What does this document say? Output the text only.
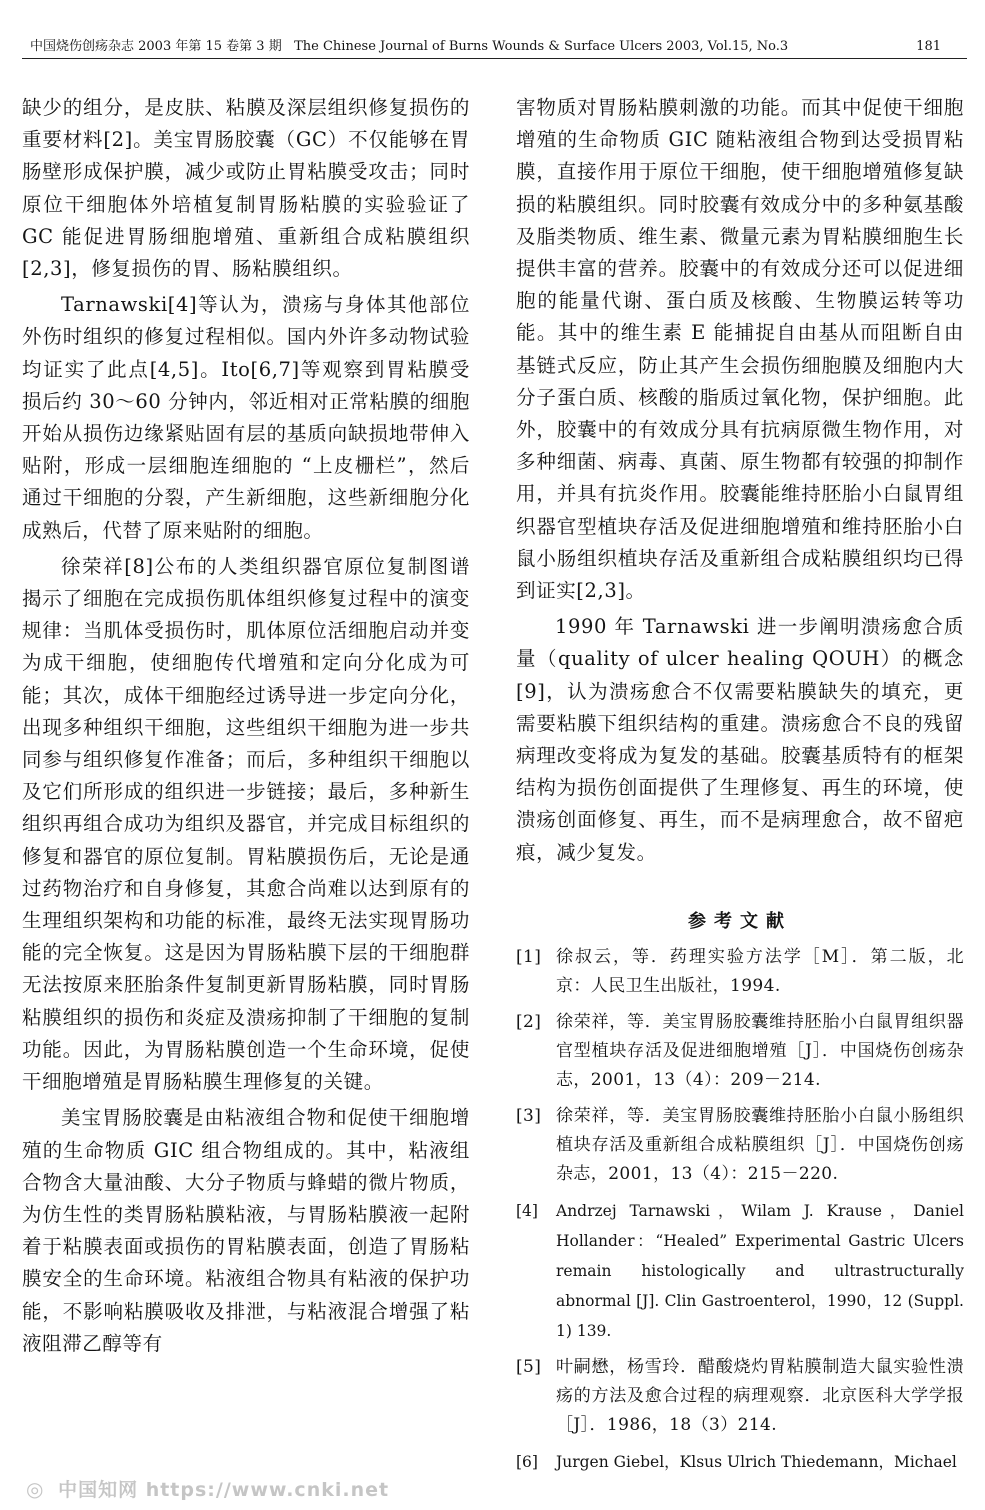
中国烧伤创疡杂志 2003 年第 15 卷第 3 期 The Chinese Journal of Burns Wounds & Surface Ulcers 2003, Vol.15, No.3	181

缺少的组分，是皮肤、粘膜及深层组织修复损伤的重要材料[2]。美宝胃肠胶囊（GC）不仅能够在胃肠壁形成保护膜，减少或防止胃粘膜受攻击；同时原位干细胞体外培植复制胃肠粘膜的实验验证了 GC 能促进胃肠细胞增殖、重新组合成粘膜组织[2,3]，修复损伤的胃、肠粘膜组织。

Tarnawski[4]等认为，溃疡与身体其他部位外伤时组织的修复过程相似。国内外许多动物试验均证实了此点[4,5]。Ito[6,7]等观察到胃粘膜受损后约 30～60 分钟内，邻近相对正常粘膜的细胞开始从损伤边缘紧贴固有层的基质向缺损地带伸入贴附，形成一层细胞连细胞的 “上皮栅栏”，然后通过干细胞的分裂，产生新细胞，这些新细胞分化成熟后，代替了原来贴附的细胞。

徐荣祥[8]公布的人类组织器官原位复制图谱揭示了细胞在完成损伤肌体组织修复过程中的演变规律：当肌体受损伤时，肌体原位活细胞启动并变为成干细胞，使细胞传代增殖和定向分化成为可能；其次，成体干细胞经过诱导进一步定向分化，出现多种组织干细胞，这些组织干细胞为进一步共同参与组织修复作准备；而后，多种组织干细胞以及它们所形成的组织进一步链接；最后，多种新生组织再组合成功为组织及器官，并完成目标组织的修复和器官的原位复制。胃粘膜损伤后，无论是通过药物治疗和自身修复，其愈合尚难以达到原有的生理组织架构和功能的标准，最终无法实现胃肠功能的完全恢复。这是因为胃肠粘膜下层的干细胞群无法按原来胚胎条件复制更新胃肠粘膜，同时胃肠粘膜组织的损伤和炎症及溃疡抑制了干细胞的复制功能。因此，为胃肠粘膜创造一个生命环境，促使干细胞增殖是胃肠粘膜生理修复的关键。

美宝胃肠胶囊是由粘液组合物和促使干细胞增殖的生命物质 GIC 组合物组成的。其中，粘液组合物含大量油酸、大分子物质与蜂蜡的微片物质，为仿生性的类胃肠粘膜粘液，与胃肠粘膜液一起附着于粘膜表面或损伤的胃粘膜表面，创造了胃肠粘膜安全的生命环境。粘液组合物具有粘液的保护功能，不影响粘膜吸收及排泄，与粘液混合增强了粘液阻滞乙醇等有

害物质对胃肠粘膜刺激的功能。而其中促使干细胞增殖的生命物质 GIC 随粘液组合物到达受损胃粘膜，直接作用于原位干细胞，使干细胞增殖修复缺损的粘膜组织。同时胶囊有效成分中的多种氨基酸及脂类物质、维生素、微量元素为胃粘膜细胞生长提供丰富的营养。胶囊中的有效成分还可以促进细胞的能量代谢、蛋白质及核酸、生物膜运转等功能。其中的维生素 E 能捕捉自由基从而阻断自由基链式反应，防止其产生会损伤细胞膜及细胞内大分子蛋白质、核酸的脂质过氧化物，保护细胞。此外，胶囊中的有效成分具有抗病原微生物作用，对多种细菌、病毒、真菌、原生物都有较强的抑制作用，并具有抗炎作用。胶囊能维持胚胎小白鼠胃组织器官型植块存活及促进细胞增殖和维持胚胎小白鼠小肠组织植块存活及重新组合成粘膜组织均已得到证实[2,3]。

1990 年 Tarnawski 进一步阐明溃疡愈合质量（quality of ulcer healing QOUH）的概念[9]，认为溃疡愈合不仅需要粘膜缺失的填充，更需要粘膜下组织结构的重建。溃疡愈合不良的残留病理改变将成为复发的基础。胶囊基质特有的框架结构为损伤创面提供了生理修复、再生的环境，使溃疡创面修复、再生，而不是病理愈合，故不留疤痕，减少复发。

参考文献
[1] 徐叔云，等．药理实验方法学［M］．第二版，北京：人民卫生出版社，1994.
[2] 徐荣祥，等．美宝胃肠胶囊维持胚胎小白鼠胃组织器官型植块存活及促进细胞增殖［J］．中国烧伤创疡杂志，2001，13（4）：209－214.
[3] 徐荣祥，等．美宝胃肠胶囊维持胚胎小白鼠小肠组织植块存活及重新组合成粘膜组织［J］．中国烧伤创疡杂志，2001，13（4）：215－220.
[4] Andrzej Tarnawski，Wilam J. Krause，Daniel Hollander：“Healed” Experimental Gastric Ulcers remain histologically and ultrastructurally abnormal [J]. Clin Gastroenterol，1990，12 (Suppl. 1) 139.
[5] 叶嗣懋，杨雪玲．醋酸烧灼胃粘膜制造大鼠实验性溃疡的方法及愈合过程的病理观察．北京医科大学学报［J］．1986，18（3）214.
[6] Jurgen Giebel，Klsus Ulrich Thiedemann，Michael
◎ 中国知网 https://www.cnki.net
